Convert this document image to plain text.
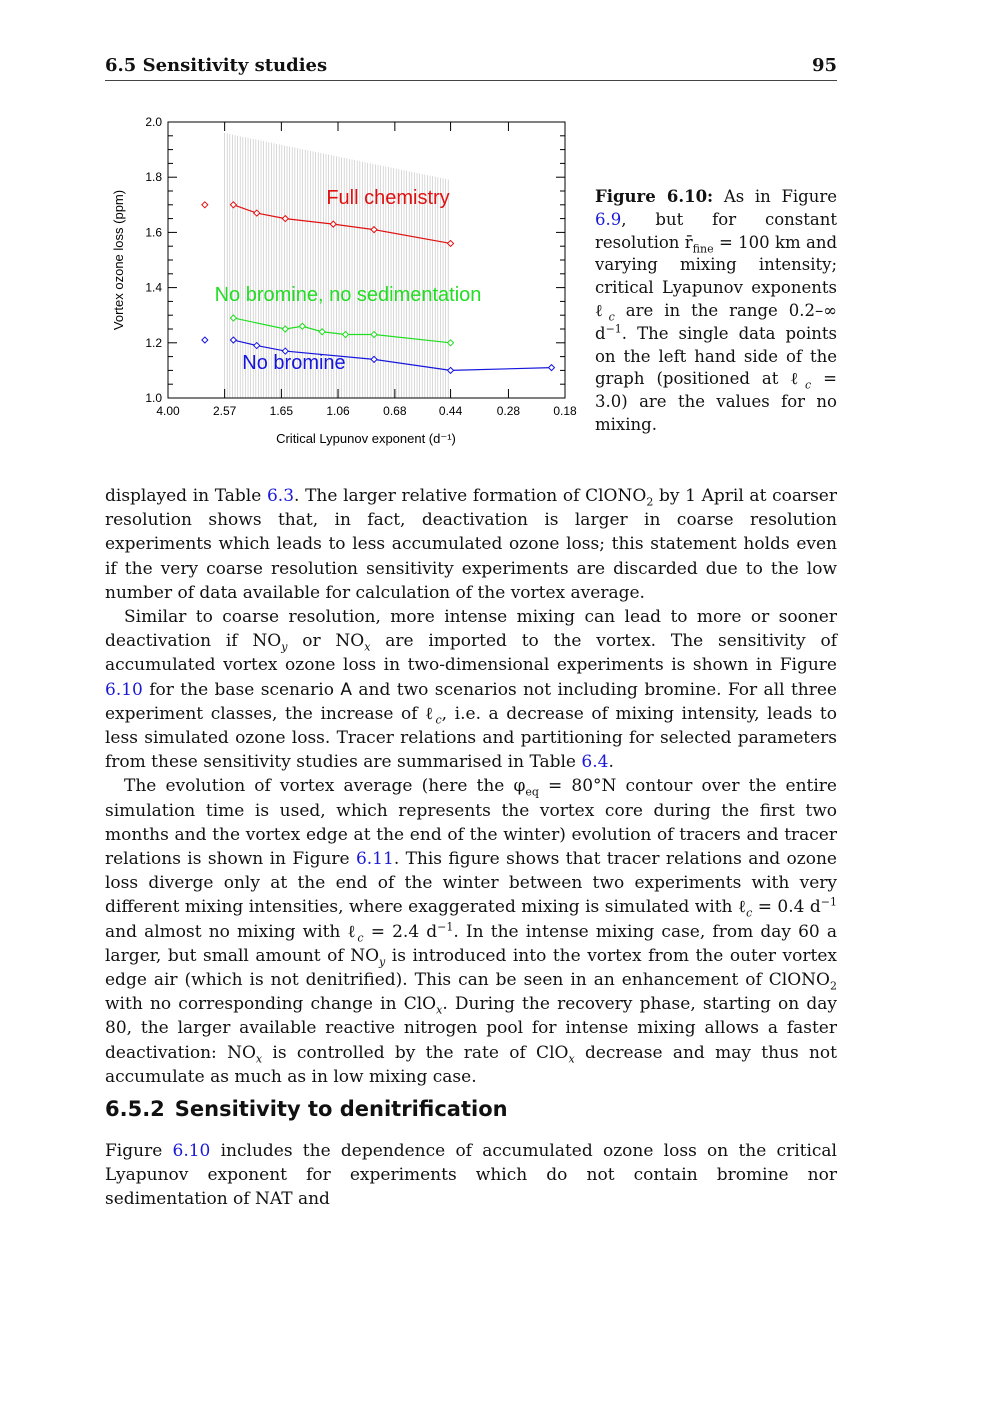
6.5 Sensitivity studies	95
1.0
1.2
1.4
1.6
1.8
2.0
4.00	2.57	1.65	1.06	0.68	0.44	0.28	0.18
Critical Lypunov exponent (d⁻¹)
Vortex ozone loss (ppm)	Full chemistry
No bromine, no sedimentation
No bromine
Figure 6.10: As in Figure 6.9, but for constant resolution $r̄_{fine} = 100$ km and varying mixing intensity; critical Lyapunov exponents ℓ$_c$ are in the range 0.2–∞ $d^{-1}$. The single data points on the left hand side of the graph (positioned at ℓ$_c$ = 3.0) are the values for no mixing.

displayed in Table 6.3. The larger relative formation of ClONO$_2$ by 1 April at coarser resolution shows that, in fact, deactivation is larger in coarse resolution experiments which leads to less accumulated ozone loss; this statement holds even if the very coarse resolution sensitivity experiments are discarded due to the low number of data available for calculation of the vortex average.

Similar to coarse resolution, more intense mixing can lead to more or sooner deactivation if $NO_y$ or $NO_x$ are imported to the vortex. The sensitivity of accumulated vortex ozone loss in two-dimensional experiments is shown in Figure 6.10 for the base scenario A and two scenarios not including bromine. For all three experiment classes, the increase of ℓ$_c$, i.e. a decrease of mixing intensity, leads to less simulated ozone loss. Tracer relations and partitioning for selected parameters from these sensitivity studies are summarised in Table 6.4.

The evolution of vortex average (here the $\varphi_{eq} = 80^\circ N$ contour over the entire simulation time is used, which represents the vortex core during the first two months and the vortex edge at the end of the winter) evolution of tracers and tracer relations is shown in Figure 6.11. This figure shows that tracer relations and ozone loss diverge only at the end of the winter between two experiments with very different mixing intensities, where exaggerated mixing is simulated with ℓ$_c$ = 0.4 $d^{-1}$ and almost no mixing with ℓ$_c$ = 2.4 $d^{-1}$. In the intense mixing case, from day 60 a larger, but small amount of $NO_y$ is introduced into the vortex from the outer vortex edge air (which is not denitrified). This can be seen in an enhancement of ClONO$_2$ with no corresponding change in ClO$_x$. During the recovery phase, starting on day 80, the larger available reactive nitrogen pool for intense mixing allows a faster deactivation: $NO_x$ is controlled by the rate of ClO$_x$ decrease and may thus not accumulate as much as in low mixing case.

6.5.2 Sensitivity to denitrification

Figure 6.10 includes the dependence of accumulated ozone loss on the critical Lyapunov exponent for experiments which do not contain bromine nor sedimentation of NAT and
